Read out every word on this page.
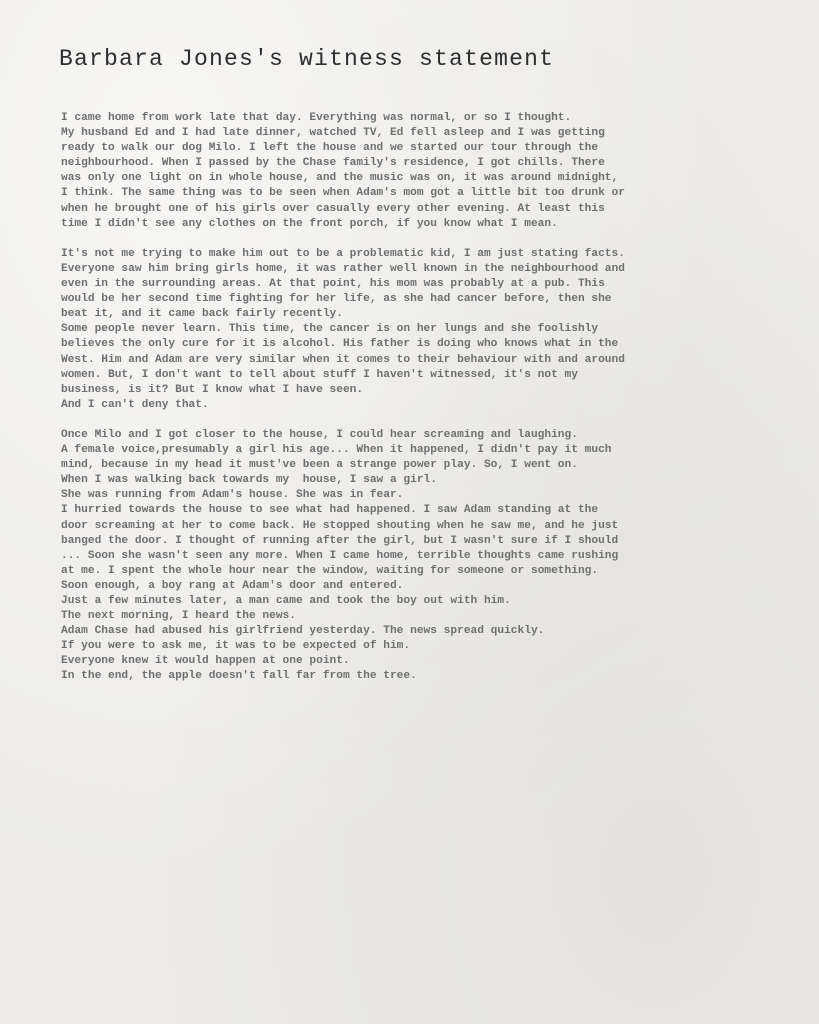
Barbara Jones's witness statement

I came home from work late that day. Everything was normal, or so I thought.
My husband Ed and I had late dinner, watched TV, Ed fell asleep and I was getting
ready to walk our dog Milo. I left the house and we started our tour through the
neighbourhood. When I passed by the Chase family's residence, I got chills. There
was only one light on in whole house, and the music was on, it was around midnight,
I think. The same thing was to be seen when Adam's mom got a little bit too drunk or
when he brought one of his girls over casually every other evening. At least this
time I didn't see any clothes on the front porch, if you know what I mean.

It's not me trying to make him out to be a problematic kid, I am just stating facts.
Everyone saw him bring girls home, it was rather well known in the neighbourhood and
even in the surrounding areas. At that point, his mom was probably at a pub. This
would be her second time fighting for her life, as she had cancer before, then she
beat it, and it came back fairly recently.
Some people never learn. This time, the cancer is on her lungs and she foolishly
believes the only cure for it is alcohol. His father is doing who knows what in the
West. Him and Adam are very similar when it comes to their behaviour with and around
women. But, I don't want to tell about stuff I haven't witnessed, it's not my
business, is it? But I know what I have seen.
And I can't deny that.

Once Milo and I got closer to the house, I could hear screaming and laughing.
A female voice,presumably a girl his age... When it happened, I didn't pay it much
mind, because in my head it must've been a strange power play. So, I went on.
When I was walking back towards my  house, I saw a girl.
She was running from Adam's house. She was in fear.
I hurried towards the house to see what had happened. I saw Adam standing at the
door screaming at her to come back. He stopped shouting when he saw me, and he just
banged the door. I thought of running after the girl, but I wasn't sure if I should
... Soon she wasn't seen any more. When I came home, terrible thoughts came rushing
at me. I spent the whole hour near the window, waiting for someone or something.
Soon enough, a boy rang at Adam's door and entered.
Just a few minutes later, a man came and took the boy out with him.
The next morning, I heard the news.
Adam Chase had abused his girlfriend yesterday. The news spread quickly.
If you were to ask me, it was to be expected of him.
Everyone knew it would happen at one point.
In the end, the apple doesn't fall far from the tree.
